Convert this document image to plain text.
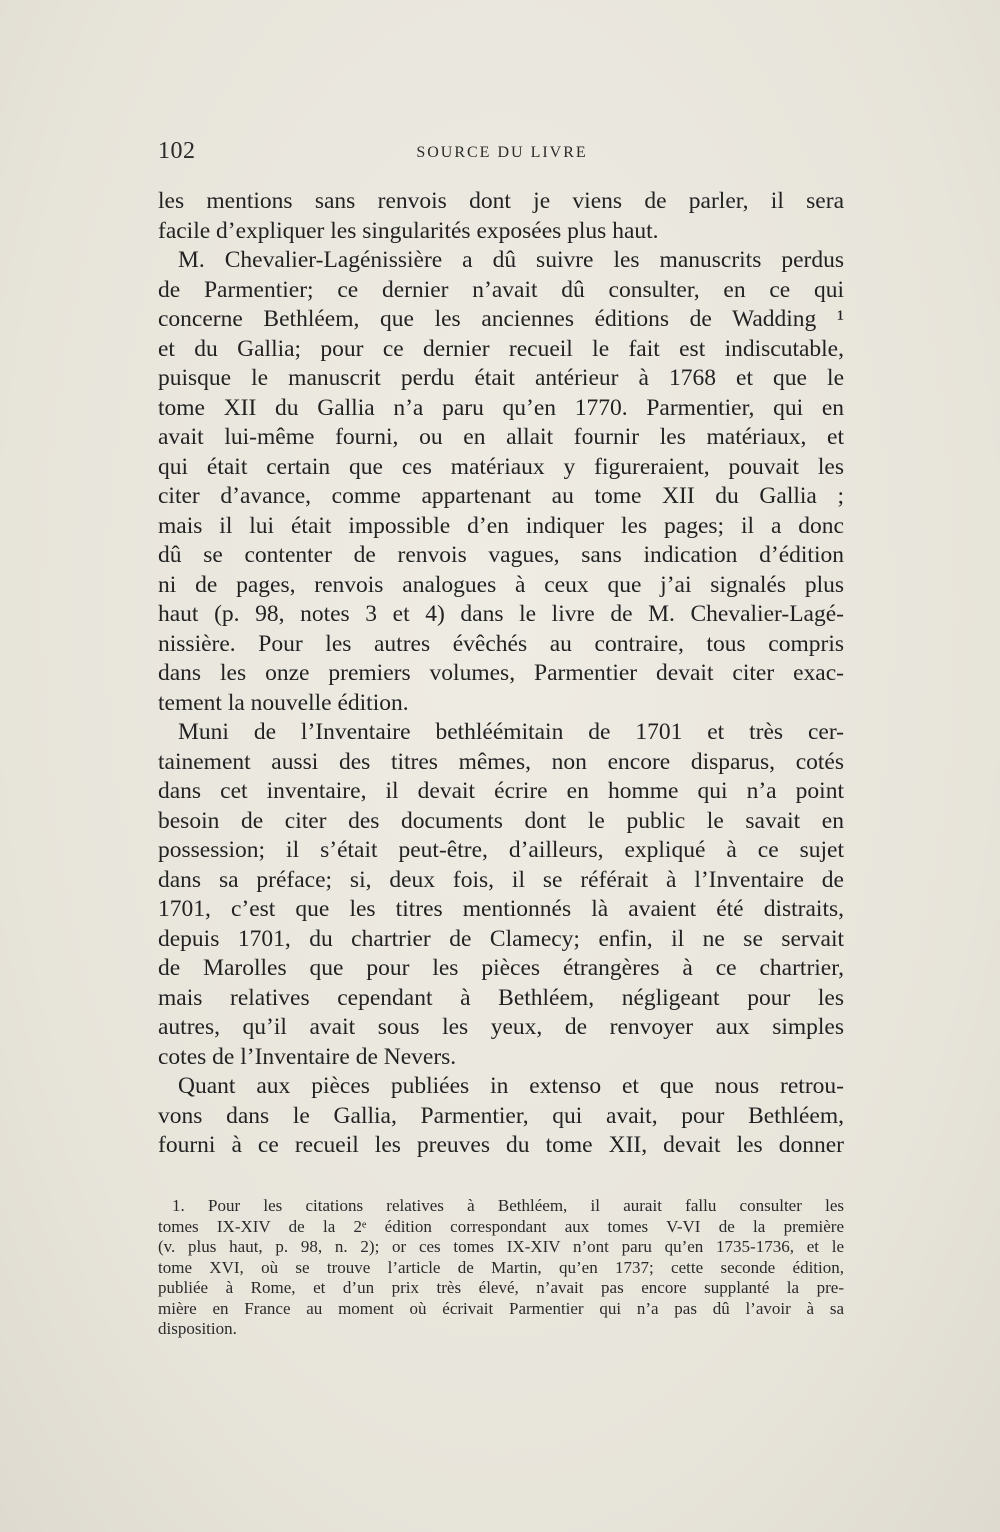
102	SOURCE DU LIVRE
les mentions sans renvois dont je viens de parler, il sera
facile d’expliquer les singularités exposées plus haut.
M. Chevalier-Lagénissière a dû suivre les manuscrits perdus
de Parmentier; ce dernier n’avait dû consulter, en ce qui
concerne Bethléem, que les anciennes éditions de Wadding ¹
et du Gallia; pour ce dernier recueil le fait est indiscutable,
puisque le manuscrit perdu était antérieur à 1768 et que le
tome XII du Gallia n’a paru qu’en 1770. Parmentier, qui en
avait lui-même fourni, ou en allait fournir les matériaux, et
qui était certain que ces matériaux y figureraient, pouvait les
citer d’avance, comme appartenant au tome XII du Gallia ;
mais il lui était impossible d’en indiquer les pages; il a donc
dû se contenter de renvois vagues, sans indication d’édition
ni de pages, renvois analogues à ceux que j’ai signalés plus
haut (p. 98, notes 3 et 4) dans le livre de M. Chevalier-Lagé-
nissière. Pour les autres évêchés au contraire, tous compris
dans les onze premiers volumes, Parmentier devait citer exac-
tement la nouvelle édition.
Muni de l’Inventaire bethléémitain de 1701 et très cer-
tainement aussi des titres mêmes, non encore disparus, cotés
dans cet inventaire, il devait écrire en homme qui n’a point
besoin de citer des documents dont le public le savait en
possession; il s’était peut-être, d’ailleurs, expliqué à ce sujet
dans sa préface; si, deux fois, il se référait à l’Inventaire de
1701, c’est que les titres mentionnés là avaient été distraits,
depuis 1701, du chartrier de Clamecy; enfin, il ne se servait
de Marolles que pour les pièces étrangères à ce chartrier,
mais relatives cependant à Bethléem, négligeant pour les
autres, qu’il avait sous les yeux, de renvoyer aux simples
cotes de l’Inventaire de Nevers.
Quant aux pièces publiées in extenso et que nous retrou-
vons dans le Gallia, Parmentier, qui avait, pour Bethléem,
fourni à ce recueil les preuves du tome XII, devait les donner
1. Pour les citations relatives à Bethléem, il aurait fallu consulter les
tomes IX-XIV de la 2ᵉ édition correspondant aux tomes V-VI de la première
(v. plus haut, p. 98, n. 2); or ces tomes IX-XIV n’ont paru qu’en 1735-1736, et le
tome XVI, où se trouve l’article de Martin, qu’en 1737; cette seconde édition,
publiée à Rome, et d’un prix très élevé, n’avait pas encore supplanté la pre-
mière en France au moment où écrivait Parmentier qui n’a pas dû l’avoir à sa
disposition.
